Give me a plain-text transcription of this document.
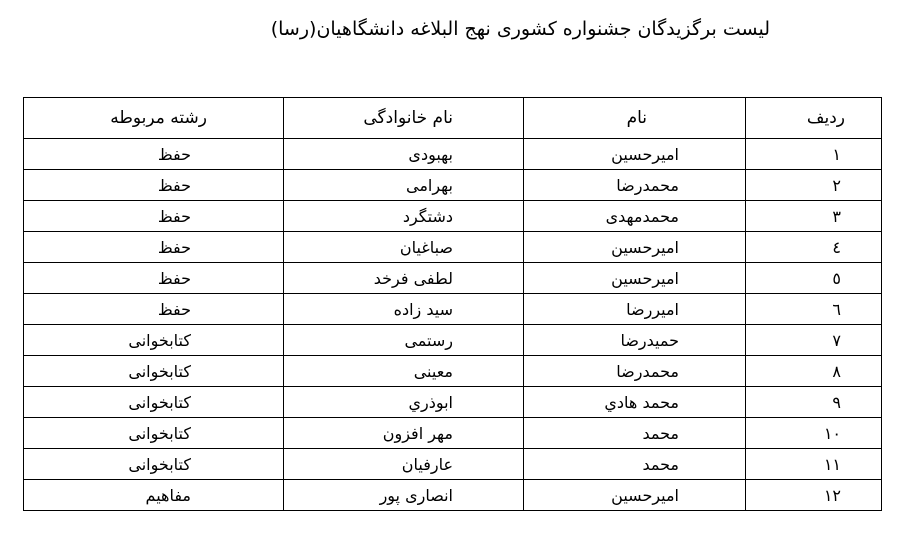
لیست برگزیدگان جشنواره کشوری نهج البلاغه دانشگاهیان(رسا)
ردیف	نام	نام خانوادگی	رشته مربوطه
۱	امیرحسین	بهبودی	حفظ
۲	محمدرضا	بهرامی	حفظ
۳	محمدمهدی	دشتگرد	حفظ
٤	امیرحسین	صباغیان	حفظ
٥	امیرحسین	لطفی فرخد	حفظ
٦	امیررضا	سید زاده	حفظ
۷	حمیدرضا	رستمی	کتابخوانی
۸	محمدرضا	معینی	کتابخوانی
۹	محمد هادي	ابوذري	کتابخوانی
۱۰	محمد	مهر افزون	کتابخوانی
۱۱	محمد	عارفیان	کتابخوانی
۱۲	امیرحسین	انصاری پور	مفاهیم
